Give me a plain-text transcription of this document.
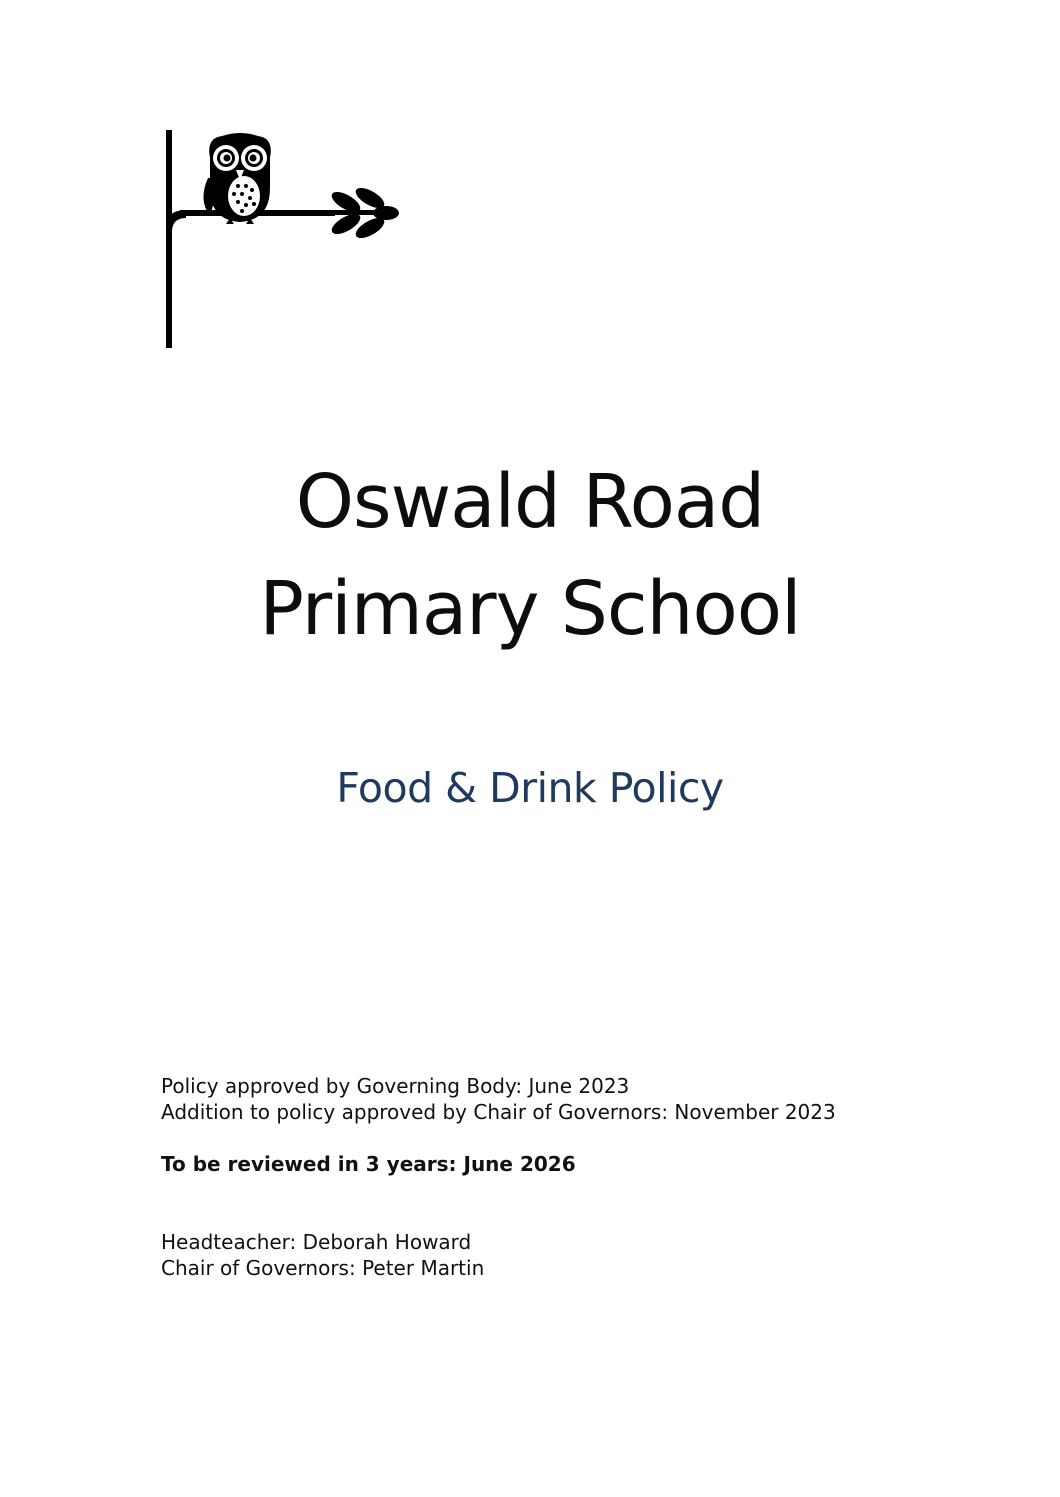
Oswald Road
Primary School
Food & Drink Policy
Policy approved by Governing Body: June 2023
Addition to policy approved by Chair of Governors: November 2023
To be reviewed in 3 years: June 2026
Headteacher: Deborah Howard
Chair of Governors: Peter Martin
